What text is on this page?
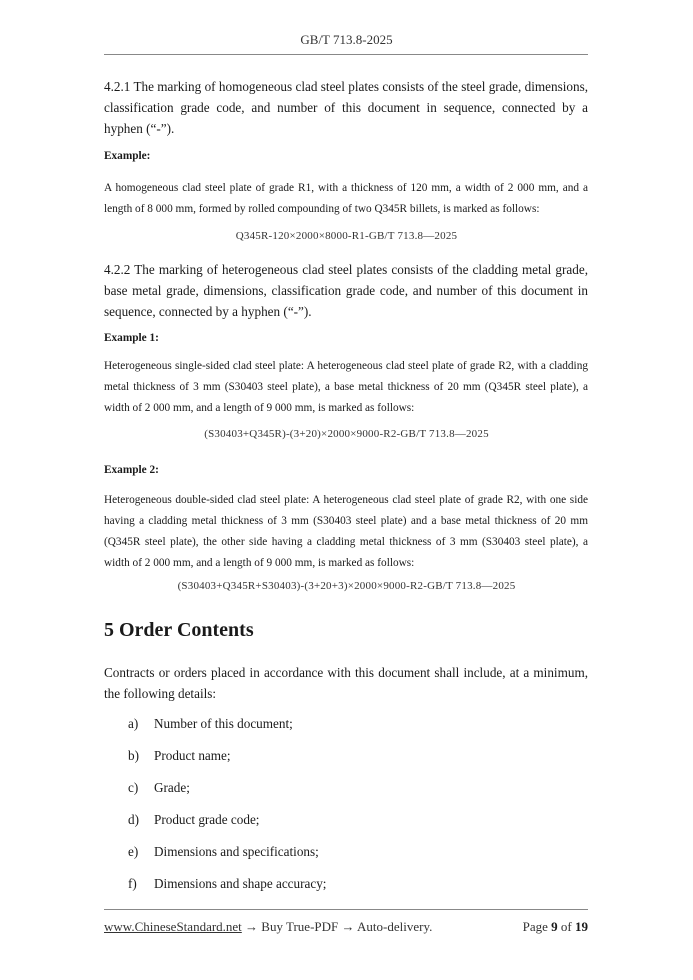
GB/T 713.8-2025

4.2.1 The marking of homogeneous clad steel plates consists of the steel grade, dimensions, classification grade code, and number of this document in sequence, connected by a hyphen (“-”).

Example:

A homogeneous clad steel plate of grade R1, with a thickness of 120 mm, a width of 2 000 mm, and a length of 8 000 mm, formed by rolled compounding of two Q345R billets, is marked as follows:

Q345R-120×2000×8000-R1-GB/T 713.8—2025

4.2.2 The marking of heterogeneous clad steel plates consists of the cladding metal grade, base metal grade, dimensions, classification grade code, and number of this document in sequence, connected by a hyphen (“-”).

Example 1:

Heterogeneous single-sided clad steel plate: A heterogeneous clad steel plate of grade R2, with a cladding metal thickness of 3 mm (S30403 steel plate), a base metal thickness of 20 mm (Q345R steel plate), a width of 2 000 mm, and a length of 9 000 mm, is marked as follows:

(S30403+Q345R)-(3+20)×2000×9000-R2-GB/T 713.8—2025

Example 2:

Heterogeneous double-sided clad steel plate: A heterogeneous clad steel plate of grade R2, with one side having a cladding metal thickness of 3 mm (S30403 steel plate) and a base metal thickness of 20 mm (Q345R steel plate), the other side having a cladding metal thickness of 3 mm (S30403 steel plate), a width of 2 000 mm, and a length of 9 000 mm, is marked as follows:

(S30403+Q345R+S30403)-(3+20+3)×2000×9000-R2-GB/T 713.8—2025

5 Order Contents

Contracts or orders placed in accordance with this document shall include, at a minimum, the following details:

a) Number of this document;
b) Product name;
c) Grade;
d) Product grade code;
e) Dimensions and specifications;
f) Dimensions and shape accuracy;
www.ChineseStandard.net → Buy True-PDF → Auto-delivery.	Page 9 of 19
